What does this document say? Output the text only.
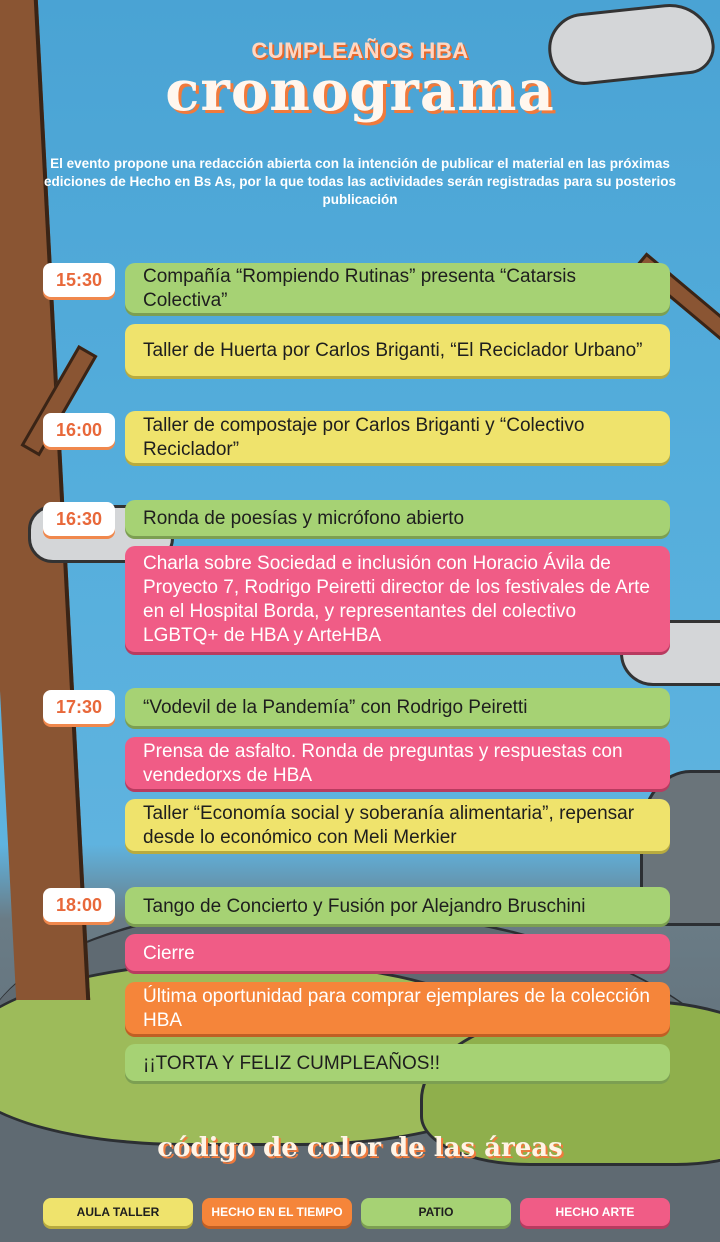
CUMPLEAÑOS HBA
cronograma
El evento propone una redacción abierta con la intención de publicar el material en las próximas ediciones de Hecho en Bs As, por la que todas las actividades serán registradas para su posterios publicación
15:30	Compañía “Rompiendo Rutinas” presenta “Catarsis Colectiva”
Taller de Huerta por Carlos Briganti, “El Reciclador Urbano”
16:00	Taller de compostaje por Carlos Briganti y “Colectivo Reciclador”
16:30	Ronda de poesías y micrófono abierto
Charla sobre Sociedad e inclusión con Horacio Ávila de Proyecto 7, Rodrigo Peiretti director de los festivales de Arte en el Hospital Borda, y representantes del colectivo LGBTQ+ de HBA y ArteHBA
17:30	“Vodevil de la Pandemía” con Rodrigo Peiretti
Prensa de asfalto. Ronda de preguntas y respuestas con vendedorxs de HBA
Taller “Economía social y soberanía alimentaria”, repensar desde lo económico con Meli Merkier
18:00	Tango de Concierto y Fusión por Alejandro Bruschini
Cierre
Última oportunidad para comprar ejemplares de la colección HBA
¡¡TORTA Y FELIZ CUMPLEAÑOS!!
código de color de las áreas
AULA TALLER	HECHO EN EL TIEMPO	PATIO	HECHO ARTE
